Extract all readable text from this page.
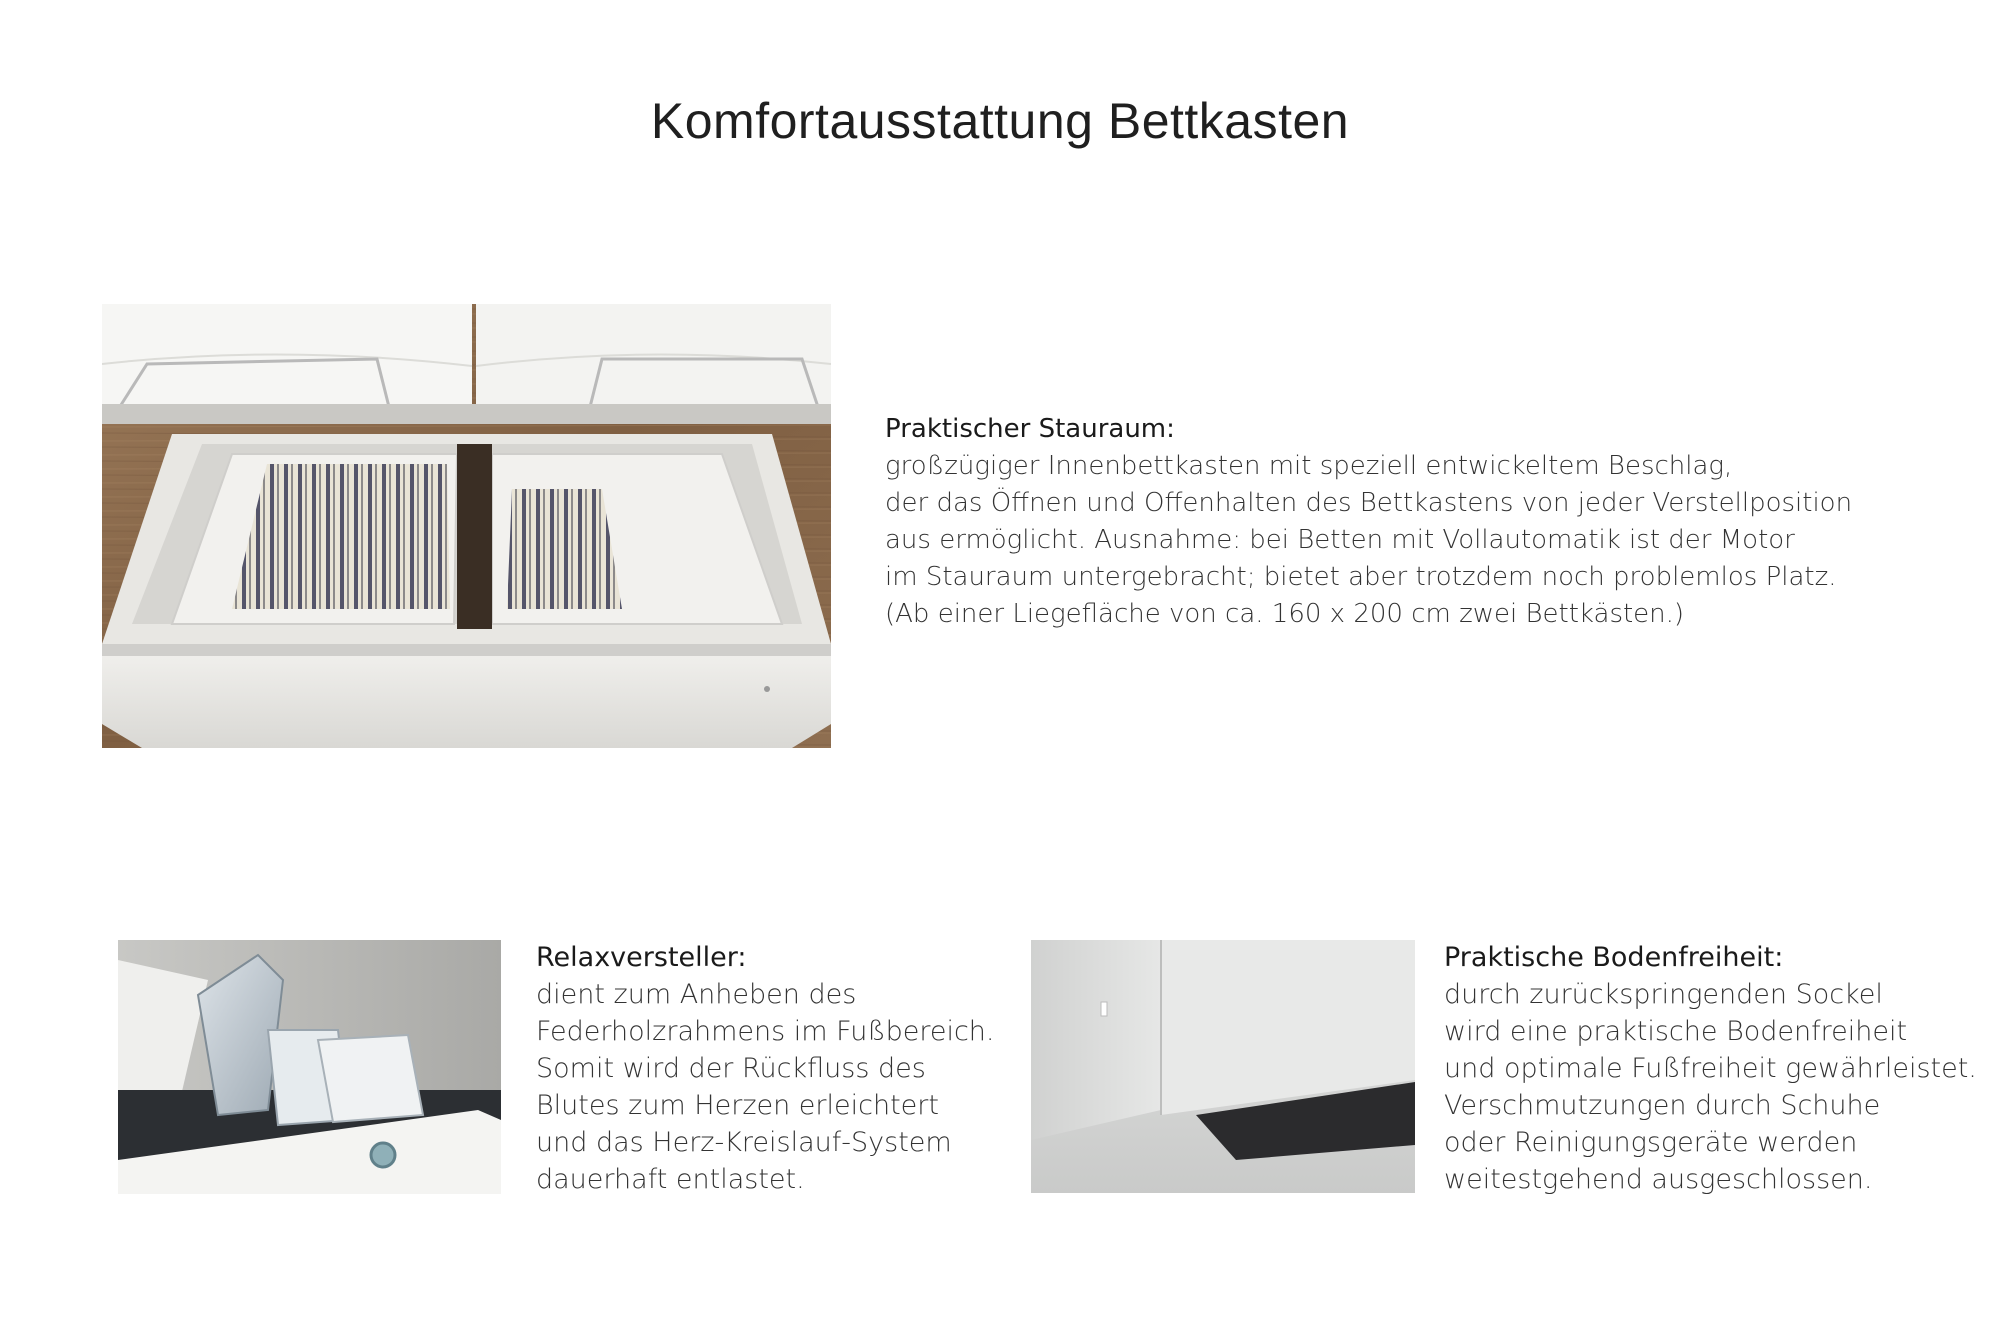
Komfortausstattung Bettkasten
Praktischer Stauraum:
großzügiger Innenbettkasten mit speziell entwickeltem Beschlag,
der das Öffnen und Offenhalten des Bettkastens von jeder Verstellposition
aus ermöglicht. Ausnahme: bei Betten mit Vollautomatik ist der Motor
im Stauraum untergebracht; bietet aber trotzdem noch problemlos Platz.
(Ab einer Liegefläche von ca. 160 x 200 cm zwei Bettkästen.)
Relaxversteller:
dient zum Anheben des
Federholzrahmens im Fußbereich.
Somit wird der Rückfluss des
Blutes zum Herzen erleichtert
und das Herz-Kreislauf-System
dauerhaft entlastet.
Praktische Bodenfreiheit:
durch zurückspringenden Sockel
wird eine praktische Bodenfreiheit
und optimale Fußfreiheit gewährleistet.
Verschmutzungen durch Schuhe
oder Reinigungsgeräte werden
weitestgehend ausgeschlossen.
